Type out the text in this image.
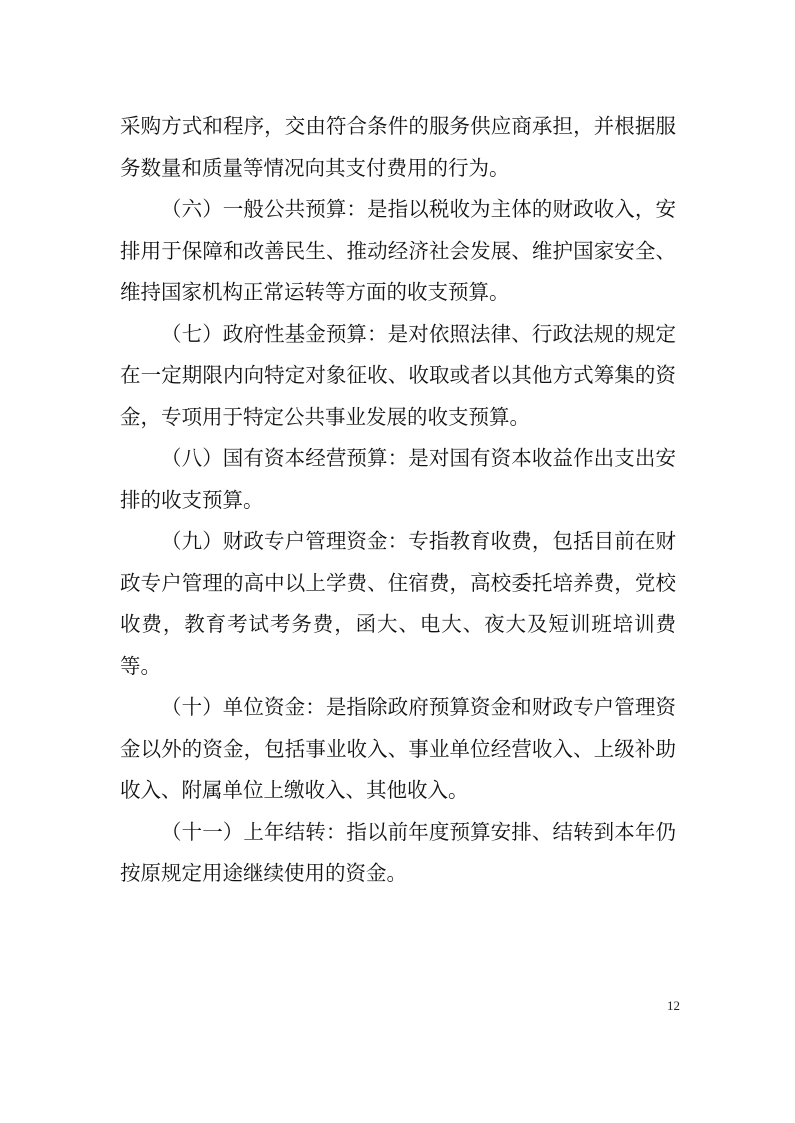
采购方式和程序，交由符合条件的服务供应商承担，并根据服务数量和质量等情况向其支付费用的行为。

（六）一般公共预算：是指以税收为主体的财政收入，安排用于保障和改善民生、推动经济社会发展、维护国家安全、维持国家机构正常运转等方面的收支预算。

（七）政府性基金预算：是对依照法律、行政法规的规定在一定期限内向特定对象征收、收取或者以其他方式筹集的资金，专项用于特定公共事业发展的收支预算。

（八）国有资本经营预算：是对国有资本收益作出支出安排的收支预算。

（九）财政专户管理资金：专指教育收费，包括目前在财政专户管理的高中以上学费、住宿费，高校委托培养费，党校收费，教育考试考务费，函大、电大、夜大及短训班培训费等。

（十）单位资金：是指除政府预算资金和财政专户管理资金以外的资金，包括事业收入、事业单位经营收入、上级补助收入、附属单位上缴收入、其他收入。

（十一）上年结转：指以前年度预算安排、结转到本年仍按原规定用途继续使用的资金。

12
